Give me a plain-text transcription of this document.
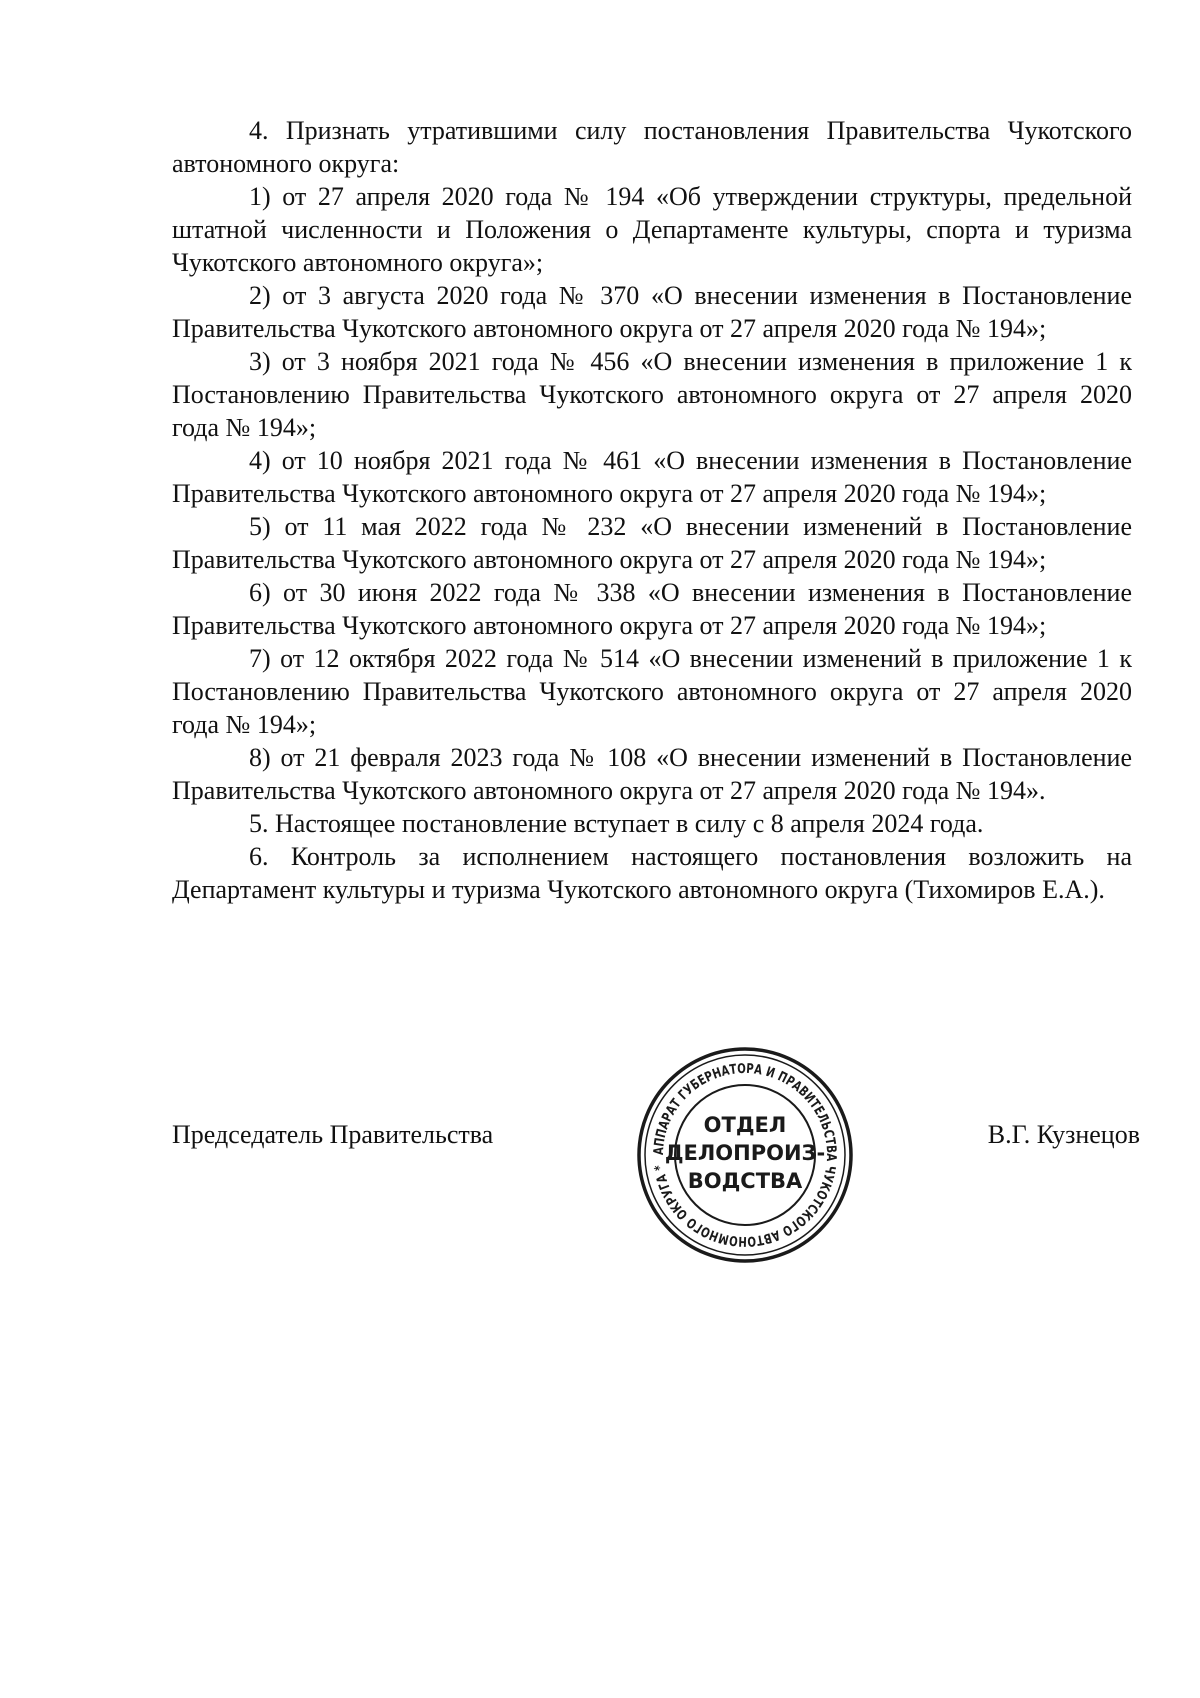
4. Признать утратившими силу постановления Правительства Чукотского автономного округа:

1) от 27 апреля 2020 года № 194 «Об утверждении структуры, предельной штатной численности и Положения о Департаменте культуры, спорта и туризма Чукотского автономного округа»;

2) от 3 августа 2020 года № 370 «О внесении изменения в Постановление Правительства Чукотского автономного округа от 27 апреля 2020 года № 194»;

3) от 3 ноября 2021 года № 456 «О внесении изменения в приложение 1 к Постановлению Правительства Чукотского автономного округа от 27 апреля 2020 года № 194»;

4) от 10 ноября 2021 года № 461 «О внесении изменения в Постановление Правительства Чукотского автономного округа от 27 апреля 2020 года № 194»;

5) от 11 мая 2022 года № 232 «О внесении изменений в Постановление Правительства Чукотского автономного округа от 27 апреля 2020 года № 194»;

6) от 30 июня 2022 года № 338 «О внесении изменения в Постановление Правительства Чукотского автономного округа от 27 апреля 2020 года № 194»;

7) от 12 октября 2022 года № 514 «О внесении изменений в приложение 1 к Постановлению Правительства Чукотского автономного округа от 27 апреля 2020 года № 194»;

8) от 21 февраля 2023 года № 108 «О внесении изменений в Постановление Правительства Чукотского автономного округа от 27 апреля 2020 года № 194».

5. Настоящее постановление вступает в силу с 8 апреля 2024 года.

6. Контроль за исполнением настоящего постановления возложить на Департамент культуры и туризма Чукотского автономного округа (Тихомиров Е.А.).

Председатель Правительства	В.Г. Кузнецов
АППАРАТ ГУБЕРНАТОРА И ПРАВИТЕЛЬСТВА ЧУКОТСКОГО АВТОНОМНОГО ОКРУГА *
ОТДЕЛ
ДЕЛОПРОИЗ-
ВОДСТВА
